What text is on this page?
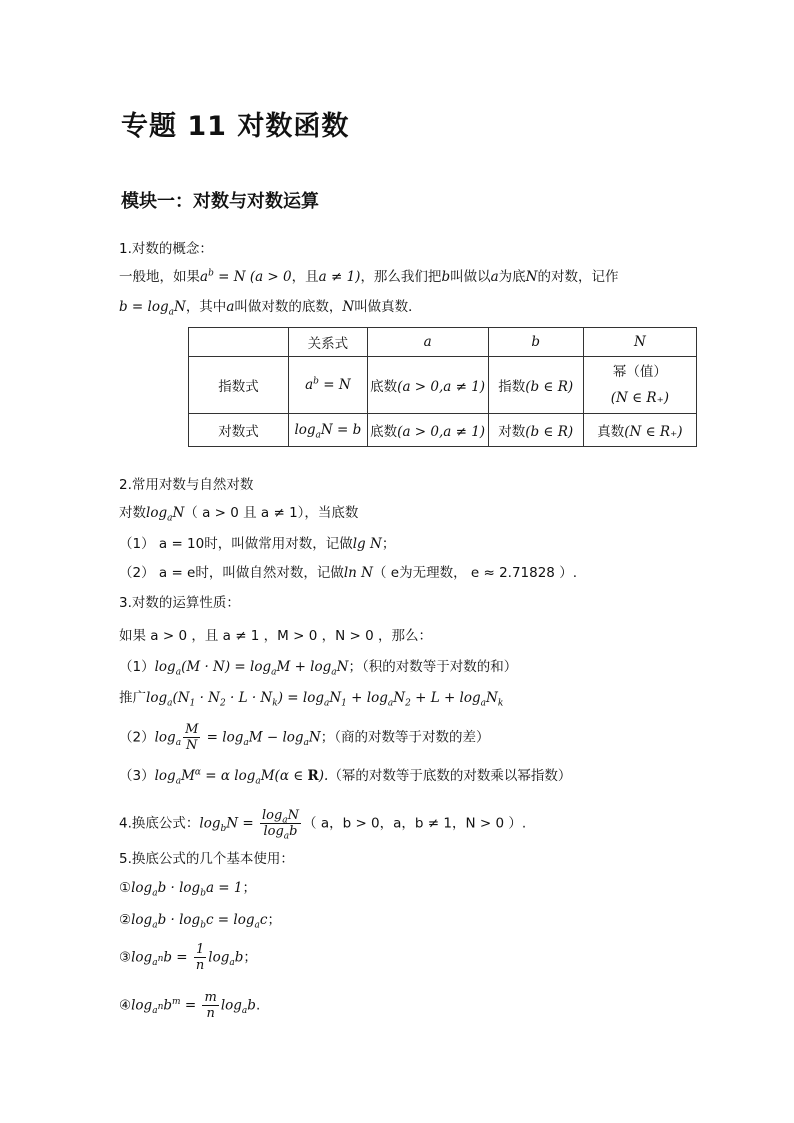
专题 11 对数函数
模块一：对数与对数运算
1.对数的概念：
一般地，如果$a^b = N$ (a > 0，且a ≠ 1)，那么我们把b叫做以a为底N的对数，记作
$b = \log_aN$，其中a叫做对数的底数，N叫做真数．
	关系式	a	b	N
指数式	$a^b = N$	底数(a > 0,a ≠ 1)	指数(b ∈ R)	幂（值）
(N ∈ R₊)

对数式	$\log_aN = b$	底数(a > 0,a ≠ 1)	对数(b ∈ R)	真数(N ∈ R₊)
2.常用对数与自然对数
对数$\log_aN$（ a > 0 且 a ≠ 1），当底数
（1） a = 10时，叫做常用对数，记做lg N；
（2） a = e时，叫做自然对数，记做ln N（ e为无理数， e ≈ 2.71828 ）.
3.对数的运算性质：
如果 a > 0 ，且 a ≠ 1 ，M > 0 ，N > 0 ，那么：
$(1)\log_a(M \cdot N) = \log_aM + \log_aN$；（积的对数等于对数的和）
推广$\log_a(N_1 \cdot N_2 \cdot L \cdot N_k) = \log_aN_1 + \log_aN_2 + L + \log_aN_k$
$(2)\log_a \frac{M}{N} = \log_aM - \log_aN$；（商的对数等于对数的差）
$(3)\log_aM^\alpha = \alpha$ $\log_aM(\alpha$ ∈ R).（幂的对数等于底数的对数乘以幂指数）
4.换底公式：$\log_bN = \frac{\log_aN}{\log_ab}$ （ a，b > 0，a，b ≠ 1，N > 0 ）.
5.换底公式的几个基本使用：
$①\log_ab \cdot \log_ba = 1$；
$②\log_ab \cdot \log_bc = \log_ac$；
$③\log_{a^n}b = \frac{1}{n} \log_ab$；
$④\log_{a^n}b^m = \frac{m}{n} \log_ab$.
